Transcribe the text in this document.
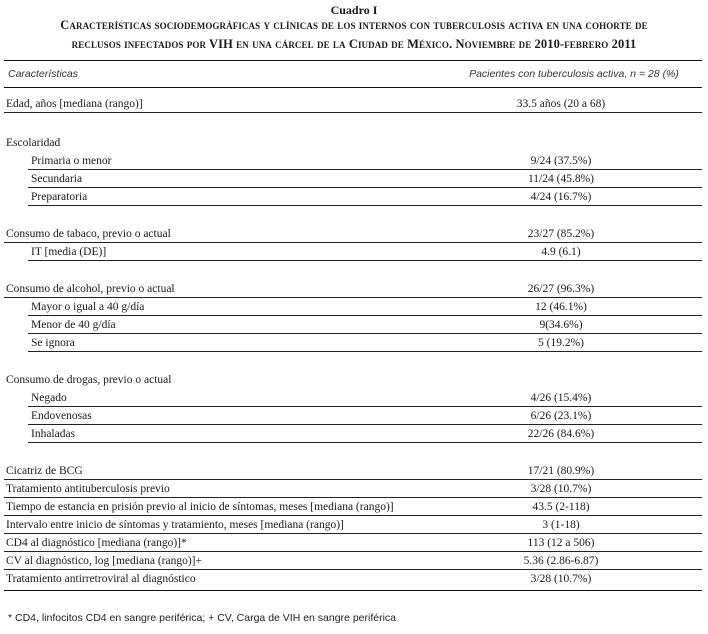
Cuadro I
Características sociodemográficas y clínicas de los internos con tuberculosis activa en una cohorte de
reclusos infectados por VIH en una cárcel de la Ciudad de México. Noviembre de 2010-febrero 2011
Características	Pacientes con tuberculosis activa, n = 28 (%)
Edad, años [mediana (rango)]	33.5 años (20 a 68)
Escolaridad
Primaria o menor	9/24 (37.5%)
Secundaria	11/24 (45.8%)
Preparatoria	4/24 (16.7%)
Consumo de tabaco, previo o actual	23/27 (85.2%)
IT [media (DE)]	4.9 (6.1)
Consumo de alcohol, previo o actual	26/27 (96.3%)
Mayor o igual a 40 g/día	12 (46.1%)
Menor de 40 g/día	9(34.6%)
Se ignora	5 (19.2%)
Consumo de drogas, previo o actual
Negado	4/26 (15.4%)
Endovenosas	6/26 (23.1%)
Inhaladas	22/26 (84.6%)
Cicatriz de BCG	17/21 (80.9%)
Tratamiento antituberculosis previo	3/28 (10.7%)
Tiempo de estancia en prisión previo al inicio de síntomas, meses [mediana (rango)]	43.5 (2-118)
Intervalo entre inicio de síntomas y tratamiento, meses [mediana (rango)]	3 (1-18)
CD4 al diagnóstico [mediana (rango)]*	113 (12 a 506)
CV al diagnóstico, log [mediana (rango)]+	5.36 (2.86-6.87)
Tratamiento antirretroviral al diagnóstico	3/28 (10.7%)
* CD4, linfocitos CD4 en sangre periférica; + CV, Carga de VIH en sangre periférica
